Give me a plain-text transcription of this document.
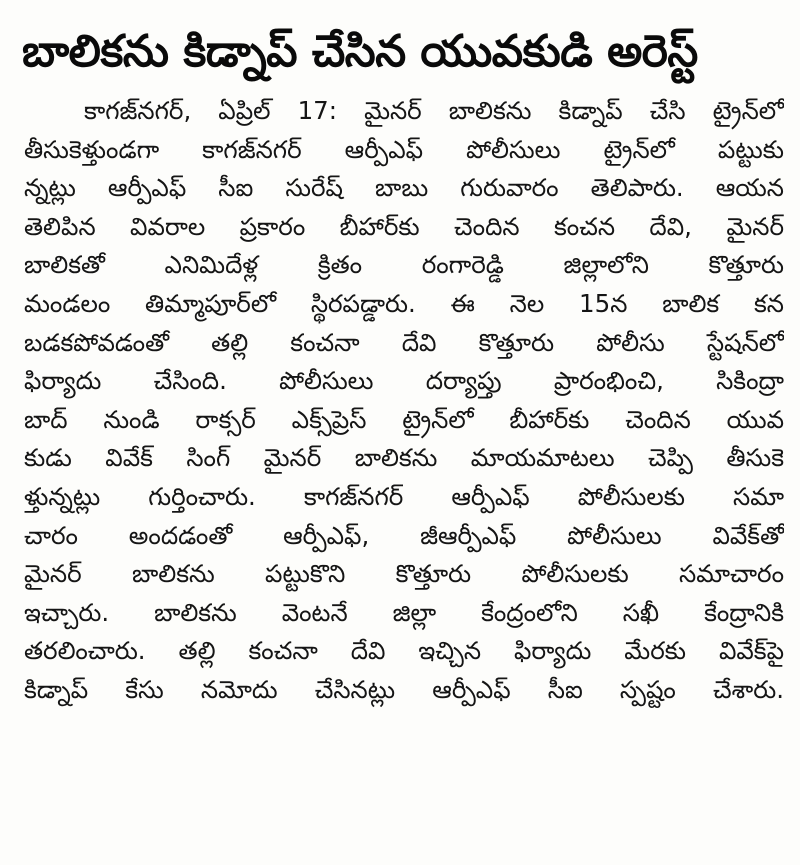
బాలికను కిడ్నాప్ చేసిన యువకుడి అరెస్ట్
కాగజ్‌నగర్, ఏప్రిల్ 17: మైనర్ బాలికను కిడ్నాప్ చేసి ట్రైన్‌లో
తీసుకెళ్తుండగా కాగజ్‌నగర్ ఆర్పీఎఫ్ పోలీసులు ట్రైన్‌లో పట్టుకు
న్నట్లు ఆర్పీఎఫ్ సీఐ సురేష్ బాబు గురువారం తెలిపారు. ఆయన
తెలిపిన వివరాల ప్రకారం బీహార్‌కు చెందిన కంచన దేవి, మైనర్
బాలికతో ఎనిమిదేళ్ల క్రితం రంగారెడ్డి జిల్లాలోని కొత్తూరు
మండలం తిమ్మాపూర్‌లో స్థిరపడ్డారు. ఈ నెల 15న బాలిక కన
బడకపోవడంతో తల్లి కంచనా దేవి కొత్తూరు పోలీసు స్టేషన్‌లో
ఫిర్యాదు చేసింది. పోలీసులు దర్యాప్తు ప్రారంభించి, సికింద్రా
బాద్ నుండి రాక్సర్ ఎక్స్‌ప్రెస్ ట్రైన్‌లో బీహార్‌కు చెందిన యువ
కుడు వివేక్ సింగ్ మైనర్ బాలికను మాయమాటలు చెప్పి తీసుకె
ళ్తున్నట్లు గుర్తించారు. కాగజ్‌నగర్ ఆర్పీఎఫ్ పోలీసులకు సమా
చారం అందడంతో ఆర్పీఎఫ్, జీఆర్పీఎఫ్ పోలీసులు వివేక్‌తో
మైనర్ బాలికను పట్టుకొని కొత్తూరు పోలీసులకు సమాచారం
ఇచ్చారు. బాలికను వెంటనే జిల్లా కేంద్రంలోని సఖీ కేంద్రానికి
తరలించారు. తల్లి కంచనా దేవి ఇచ్చిన ఫిర్యాదు మేరకు వివేక్‌పై
కిడ్నాప్ కేసు నమోదు చేసినట్లు ఆర్పీఎఫ్ సీఐ స్పష్టం చేశారు.
